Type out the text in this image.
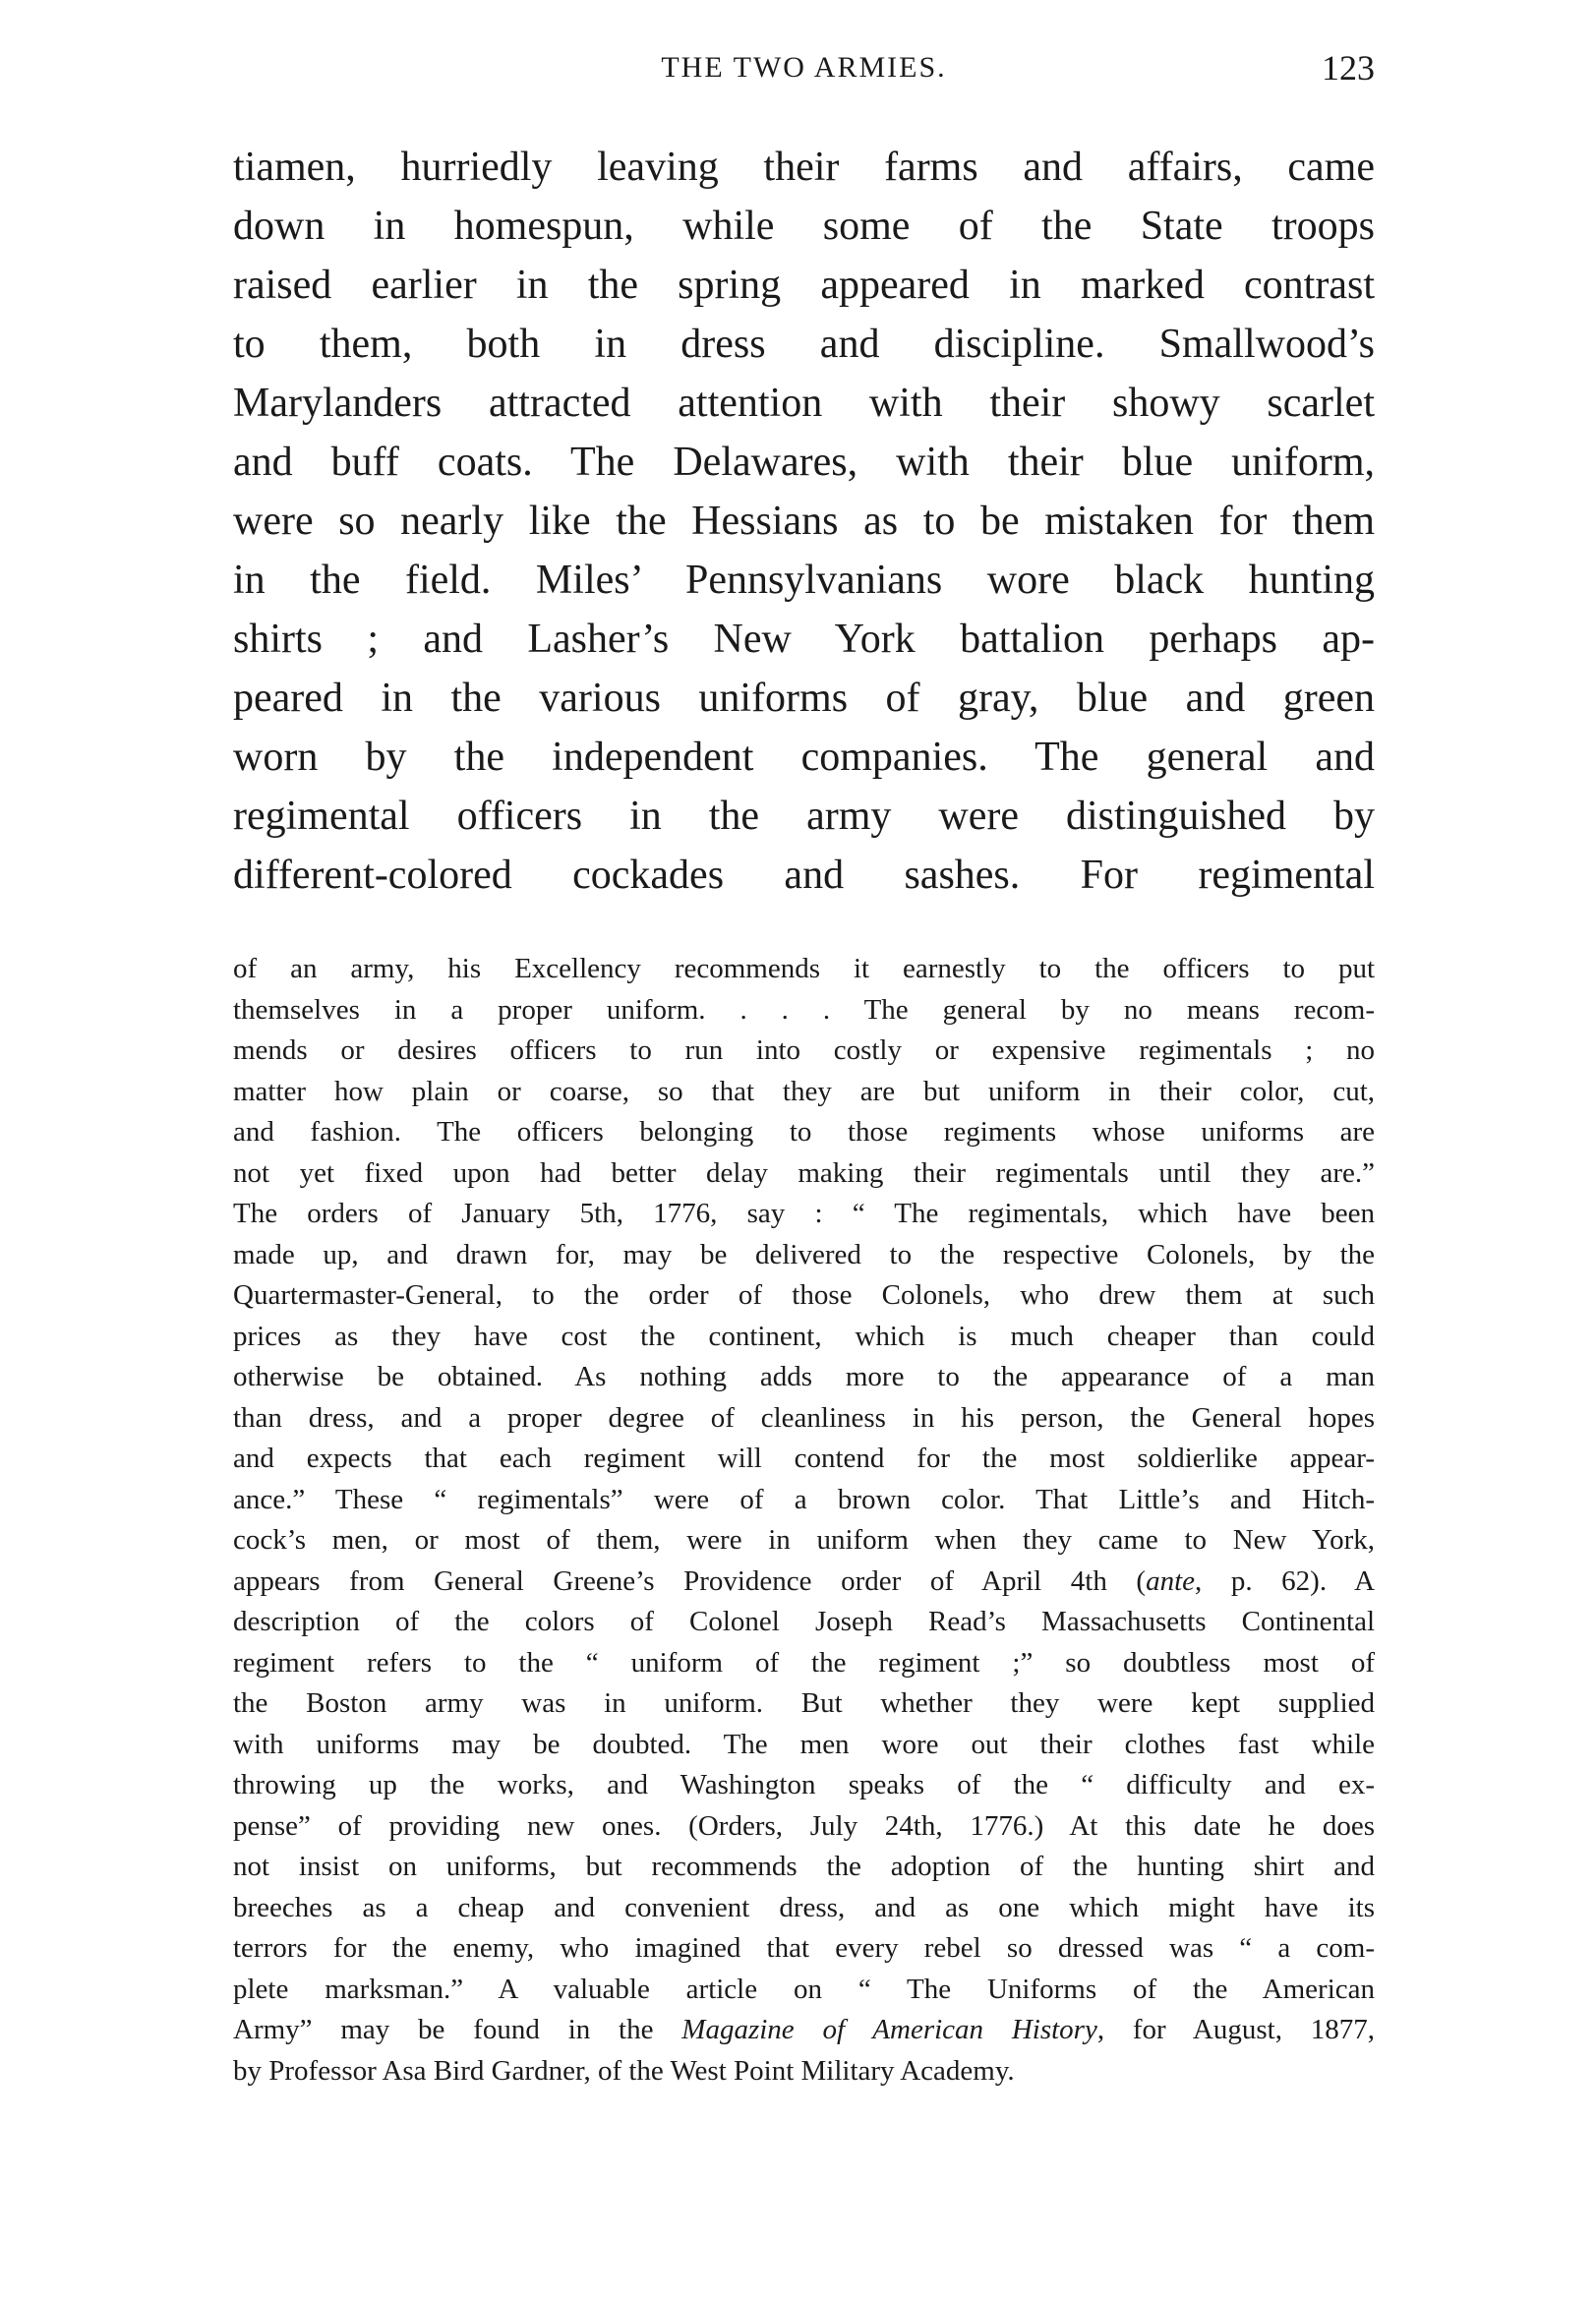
THE TWO ARMIES.	123
tiamen, hurriedly leaving their farms and affairs, came
down in homespun, while some of the State troops
raised earlier in the spring appeared in marked contrast
to them, both in dress and discipline. Smallwood’s
Marylanders attracted attention with their showy scarlet
and buff coats. The Delawares, with their blue uniform,
were so nearly like the Hessians as to be mistaken for them
in the field. Miles’ Pennsylvanians wore black hunting
shirts ; and Lasher’s New York battalion perhaps ap-
peared in the various uniforms of gray, blue and green
worn by the independent companies. The general and
regimental officers in the army were distinguished by
different-colored cockades and sashes. For regimental
of an army, his Excellency recommends it earnestly to the officers to put
themselves in a proper uniform. . . . The general by no means recom-
mends or desires officers to run into costly or expensive regimentals ; no
matter how plain or coarse, so that they are but uniform in their color, cut,
and fashion. The officers belonging to those regiments whose uniforms are
not yet fixed upon had better delay making their regimentals until they are.”
The orders of January 5th, 1776, say : “ The regimentals, which have been
made up, and drawn for, may be delivered to the respective Colonels, by the
Quartermaster-General, to the order of those Colonels, who drew them at such
prices as they have cost the continent, which is much cheaper than could
otherwise be obtained. As nothing adds more to the appearance of a man
than dress, and a proper degree of cleanliness in his person, the General hopes
and expects that each regiment will contend for the most soldierlike appear-
ance.” These “ regimentals” were of a brown color. That Little’s and Hitch-
cock’s men, or most of them, were in uniform when they came to New York,
appears from General Greene’s Providence order of April 4th (ante, p. 62). A
description of the colors of Colonel Joseph Read’s Massachusetts Continental
regiment refers to the “ uniform of the regiment ;” so doubtless most of
the Boston army was in uniform. But whether they were kept supplied
with uniforms may be doubted. The men wore out their clothes fast while
throwing up the works, and Washington speaks of the “ difficulty and ex-
pense” of providing new ones. (Orders, July 24th, 1776.) At this date he does
not insist on uniforms, but recommends the adoption of the hunting shirt and
breeches as a cheap and convenient dress, and as one which might have its
terrors for the enemy, who imagined that every rebel so dressed was “ a com-
plete marksman.” A valuable article on “ The Uniforms of the American
Army” may be found in the Magazine of American History, for August, 1877,
by Professor Asa Bird Gardner, of the West Point Military Academy.
